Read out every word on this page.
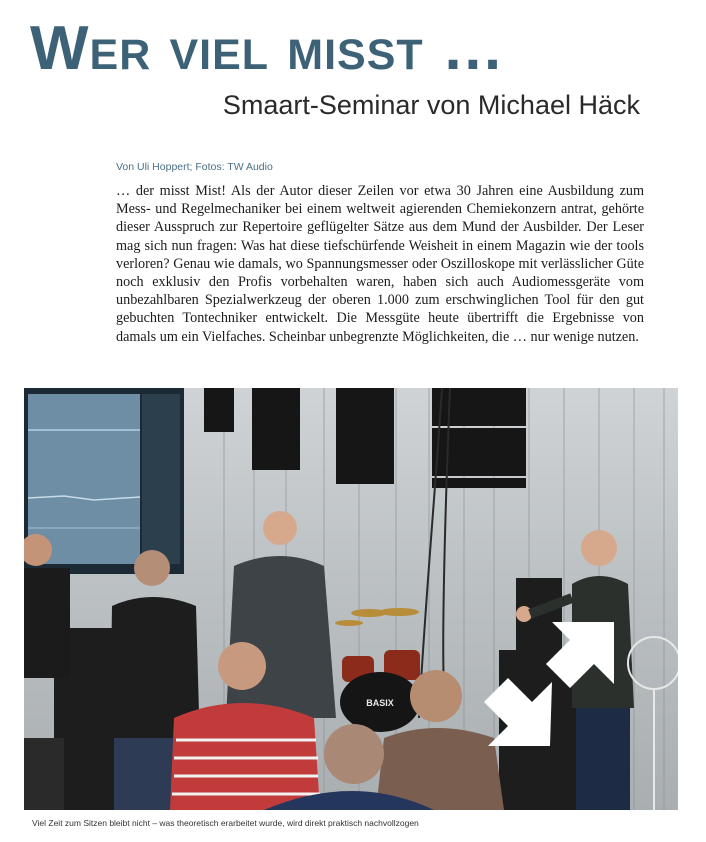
Wer viel misst …
Smaart-Seminar von Michael Häck
Von Uli Hoppert; Fotos: TW Audio
… der misst Mist! Als der Autor dieser Zeilen vor etwa 30 Jahren eine Ausbildung zum Mess- und Regelmechaniker bei einem weltweit agierenden Chemiekonzern antrat, gehörte dieser Ausspruch zur Repertoire geflügelter Sätze aus dem Mund der Ausbilder. Der Leser mag sich nun fragen: Was hat diese tiefschürfende Weisheit in einem Magazin wie der tools verloren? Genau wie damals, wo Spannungsmesser oder Oszilloskope mit verlässlicher Güte noch exklusiv den Profis vorbehalten waren, haben sich auch Audiomessgeräte vom unbezahlbaren Spezialwerkzeug der oberen 1.000 zum erschwinglichen Tool für den gut gebuchten Tontechniker entwickelt. Die Messgüte heute übertrifft die Ergebnisse von damals um ein Vielfaches. Scheinbar unbegrenzte Möglichkeiten, die … nur wenige nutzen.
BASIX
Viel Zeit zum Sitzen bleibt nicht – was theoretisch erarbeitet wurde, wird direkt praktisch nachvollzogen
